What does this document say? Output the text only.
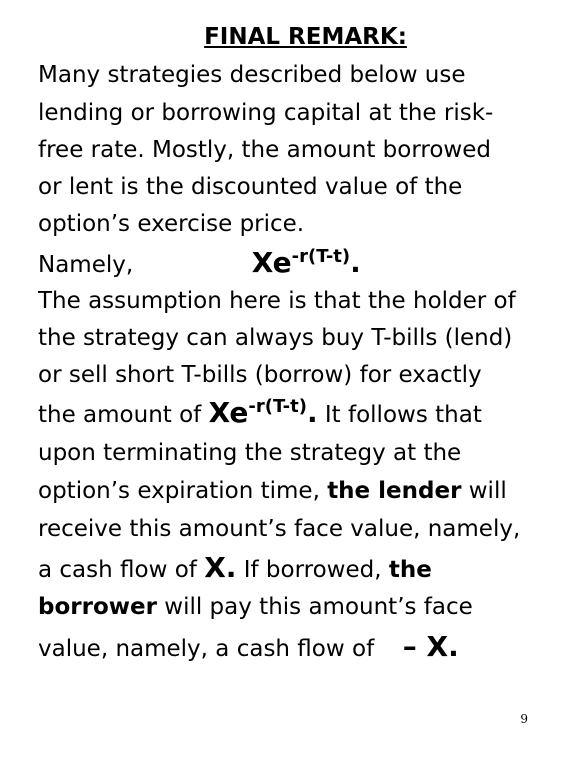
FINAL REMARK:
Many strategies described below use
lending or borrowing capital at the risk-
free rate. Mostly, the amount borrowed
or lent is the discounted value of the
option’s exercise price.
Namely,	$Xe^{-r(T-t)}$.
The assumption here is that the holder of
the strategy can always buy T-bills (lend)
or sell short T-bills (borrow) for exactly
the amount of $Xe^{-r(T-t)}$. It follows that
upon terminating the strategy at the
option’s expiration time, the lender will
receive this amount’s face value, namely,
a cash flow of X. If borrowed, the
borrower will pay this amount’s face
value, namely, a cash flow of – X.
9
